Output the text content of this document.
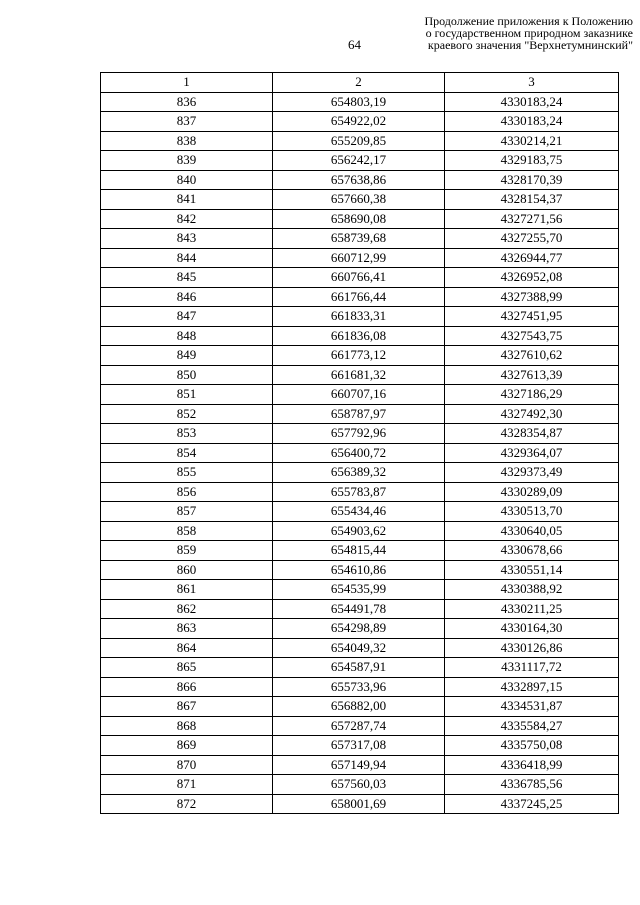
64
Продолжение приложения к Положению
о государственном природном заказнике
краевого значения "Верхнетумнинский"
1	2	3
836	654803,19	4330183,24
837	654922,02	4330183,24
838	655209,85	4330214,21
839	656242,17	4329183,75
840	657638,86	4328170,39
841	657660,38	4328154,37
842	658690,08	4327271,56
843	658739,68	4327255,70
844	660712,99	4326944,77
845	660766,41	4326952,08
846	661766,44	4327388,99
847	661833,31	4327451,95
848	661836,08	4327543,75
849	661773,12	4327610,62
850	661681,32	4327613,39
851	660707,16	4327186,29
852	658787,97	4327492,30
853	657792,96	4328354,87
854	656400,72	4329364,07
855	656389,32	4329373,49
856	655783,87	4330289,09
857	655434,46	4330513,70
858	654903,62	4330640,05
859	654815,44	4330678,66
860	654610,86	4330551,14
861	654535,99	4330388,92
862	654491,78	4330211,25
863	654298,89	4330164,30
864	654049,32	4330126,86
865	654587,91	4331117,72
866	655733,96	4332897,15
867	656882,00	4334531,87
868	657287,74	4335584,27
869	657317,08	4335750,08
870	657149,94	4336418,99
871	657560,03	4336785,56
872	658001,69	4337245,25
